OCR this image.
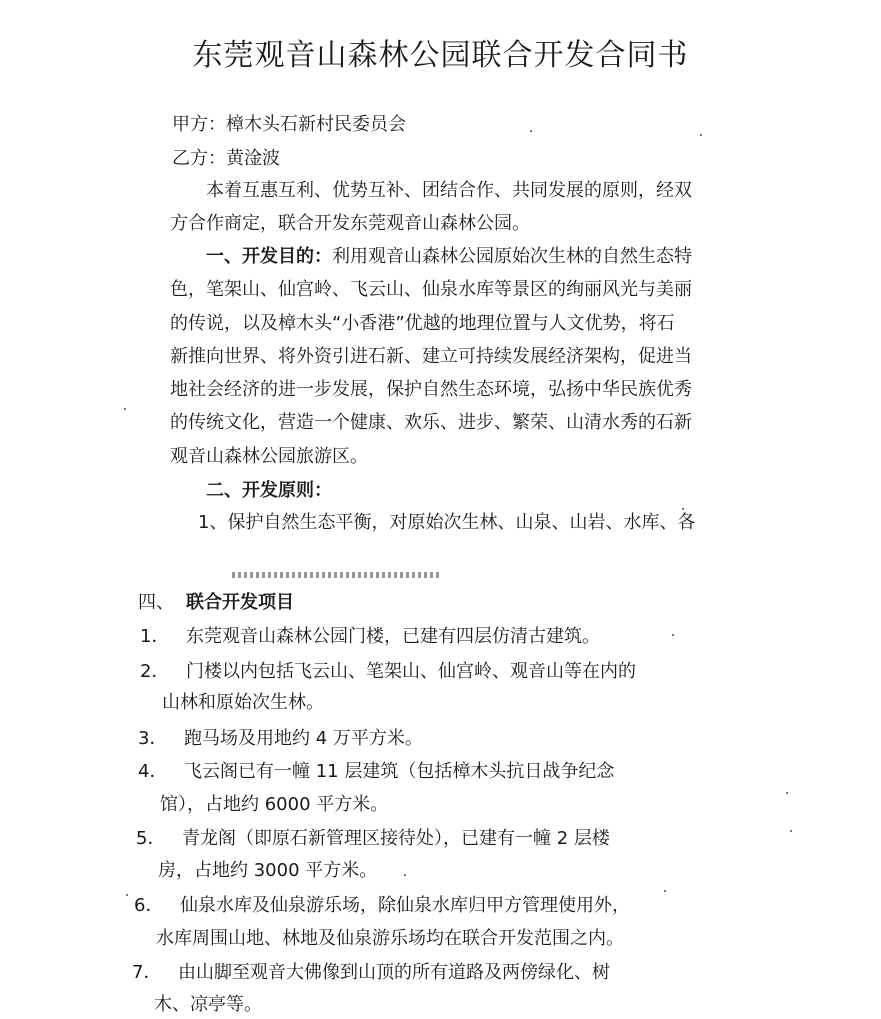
东莞观音山森林公园联合开发合同书
甲方：樟木头石新村民委员会
乙方：黄淦波
本着互惠互利、优势互补、团结合作、共同发展的原则，经双
方合作商定，联合开发东莞观音山森林公园。
一、开发目的：利用观音山森林公园原始次生林的自然生态特
色，笔架山、仙宫岭、飞云山、仙泉水库等景区的绚丽风光与美丽
的传说，以及樟木头“小香港”优越的地理位置与人文优势，将石
新推向世界、将外资引进石新、建立可持续发展经济架构，促进当
地社会经济的进一步发展，保护自然生态环境，弘扬中华民族优秀
的传统文化，营造一个健康、欢乐、进步、繁荣、山清水秀的石新
观音山森林公园旅游区。
二、开发原则：
1、保护自然生态平衡，对原始次生林、山泉、山岩、水库、各
四、 联合开发项目
1． 东莞观音山森林公园门楼，已建有四层仿清古建筑。
2． 门楼以内包括飞云山、笔架山、仙宫岭、观音山等在内的
山林和原始次生林。
3． 跑马场及用地约 4 万平方米。
4． 飞云阁已有一幢 11 层建筑（包括樟木头抗日战争纪念
馆），占地约 6000 平方米。
5． 青龙阁（即原石新管理区接待处），已建有一幢 2 层楼
房，占地约 3000 平方米。
6． 仙泉水库及仙泉游乐场，除仙泉水库归甲方管理使用外，
水库周围山地、林地及仙泉游乐场均在联合开发范围之内。
7． 由山脚至观音大佛像到山顶的所有道路及两傍绿化、树
木、凉亭等。
